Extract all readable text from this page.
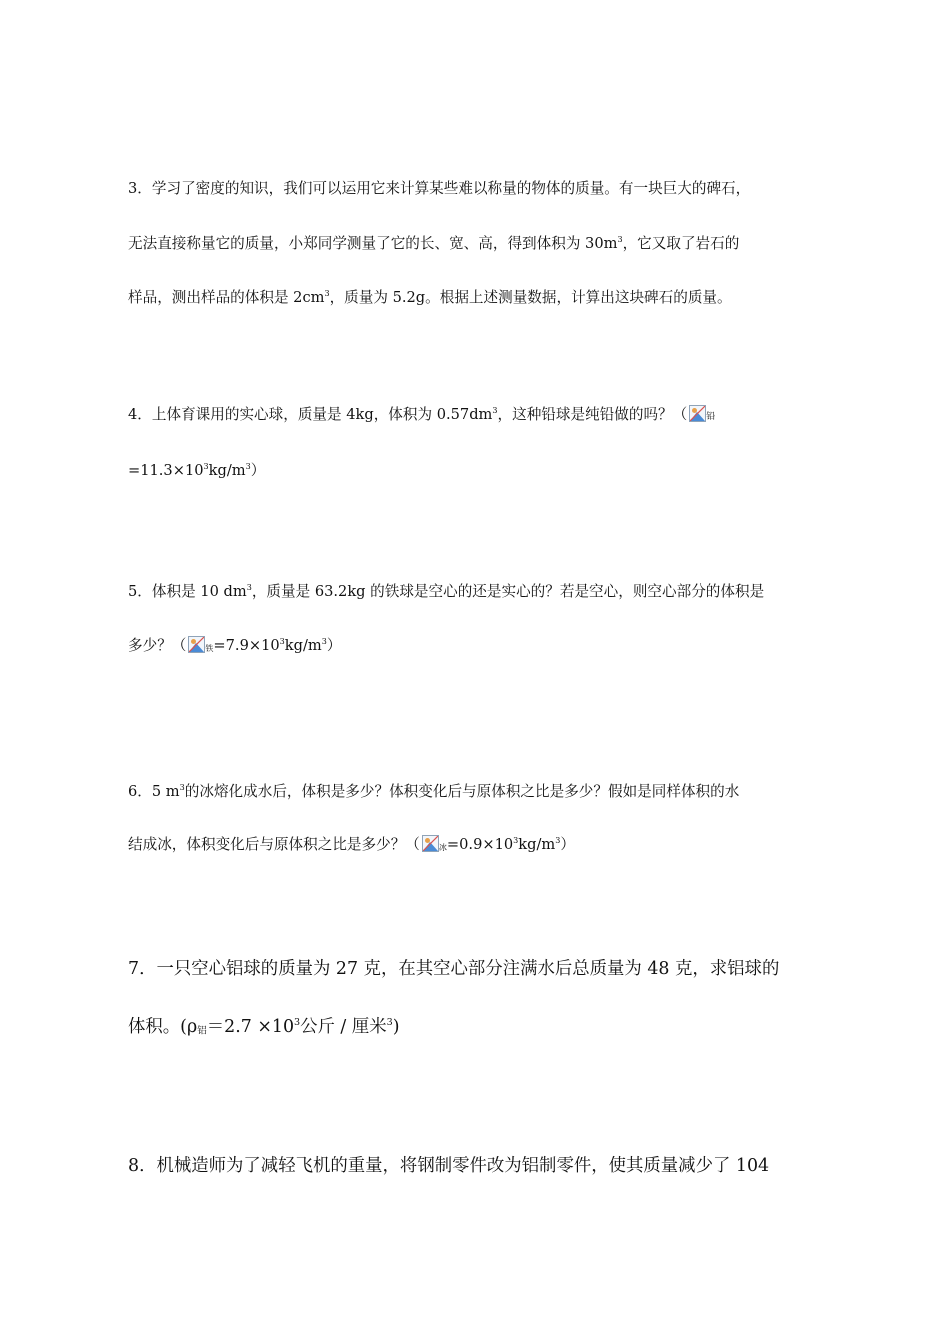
3．学习了密度的知识，我们可以运用它来计算某些难以称量的物体的质量。有一块巨大的碑石，
无法直接称量它的质量，小郑同学测量了它的长、宽、高，得到体积为 $30m^3$，它又取了岩石的
样品，测出样品的体积是 $2cm^3$，质量为 5.2g。根据上述测量数据，计算出这块碑石的质量。
4．上体育课用的实心球，质量是 4kg，体积为 $0.57dm^3$，这种铅球是纯铅做的吗？（ 铅
$=11.3\times 10^3kg/m^3$）
5．体积是 10 $dm^3$，质量是 63.2kg 的铁球是空心的还是实心的？若是空心，则空心部分的体积是
多少？（ 铁$=7.9\times 10^3kg/m^3$）
6．5 $m^3$的冰熔化成水后，体积是多少？体积变化后与原体积之比是多少？假如是同样体积的水
结成冰，体积变化后与原体积之比是多少？（ 冰$=0.9\times 10^3kg/m^3$）
7．一只空心铝球的质量为 27 克，在其空心部分注满水后总质量为 48 克，求铝球的
体积。(ρ铝$=2.7 \times 10^3$公斤 / 厘米$^3$)
8．机械造师为了减轻飞机的重量，将钢制零件改为铝制零件，使其质量减少了 104
